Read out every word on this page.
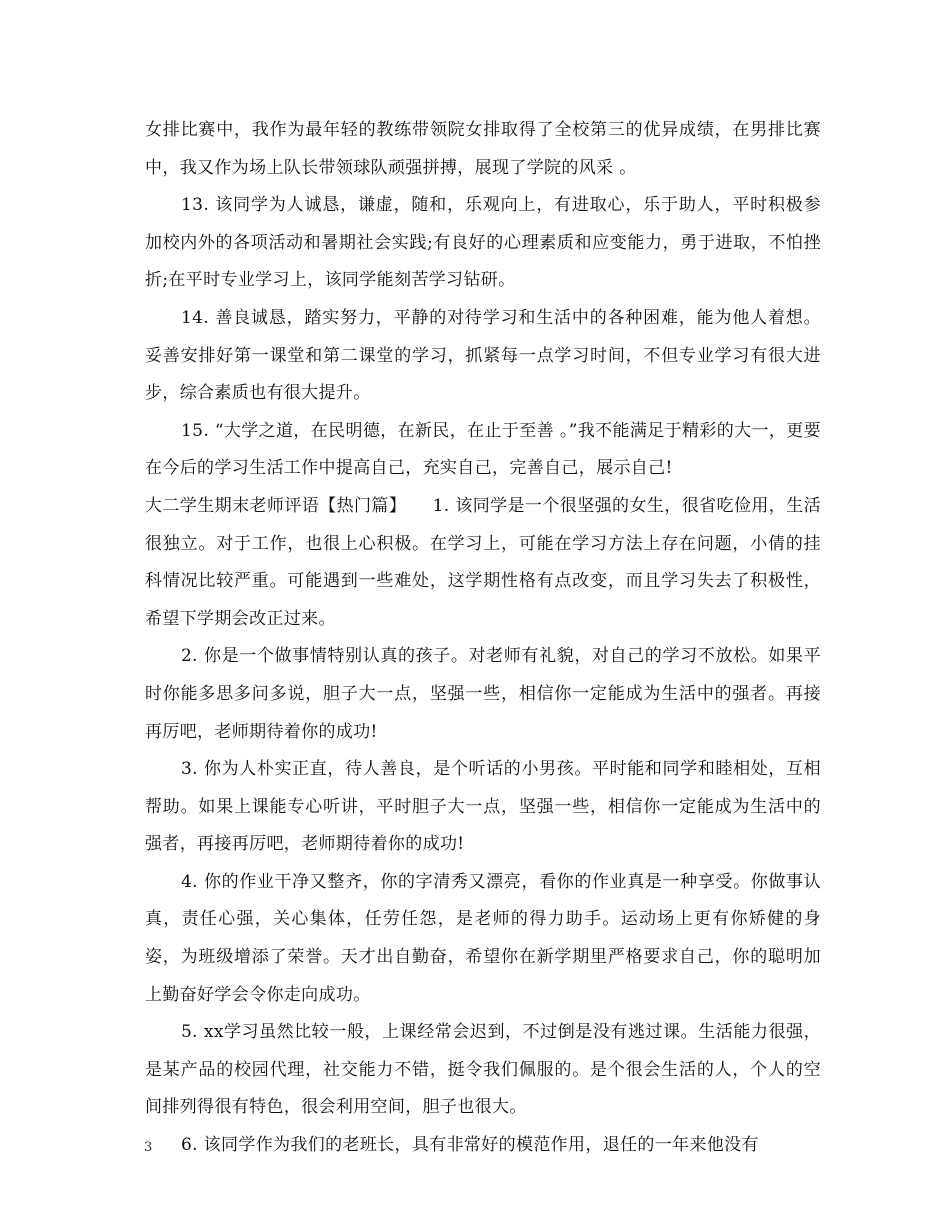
女排比赛中，我作为最年轻的教练带领院女排取得了全校第三的优异成绩，在男排比赛中，我又作为场上队长带领球队顽强拼搏，展现了学院的风采 。

13. 该同学为人诚恳，谦虚，随和，乐观向上，有进取心，乐于助人，平时积极参加校内外的各项活动和暑期社会实践;有良好的心理素质和应变能力，勇于进取，不怕挫折;在平时专业学习上，该同学能刻苦学习钻研。

14. 善良诚恳，踏实努力，平静的对待学习和生活中的各种困难，能为他人着想。妥善安排好第一课堂和第二课堂的学习，抓紧每一点学习时间，不但专业学习有很大进步，综合素质也有很大提升。

15. “大学之道，在民明德，在新民，在止于至善 。”我不能满足于精彩的大一，更要在今后的学习生活工作中提高自己，充实自己，完善自己，展示自己!

大二学生期末老师评语【热门篇】　　1. 该同学是一个很坚强的女生，很省吃俭用，生活很独立。对于工作，也很上心积极。在学习上，可能在学习方法上存在问题，小倩的挂科情况比较严重。可能遇到一些难处，这学期性格有点改变，而且学习失去了积极性，希望下学期会改正过来。

2. 你是一个做事情特别认真的孩子。对老师有礼貌，对自己的学习不放松。如果平时你能多思多问多说，胆子大一点，坚强一些，相信你一定能成为生活中的强者。再接再厉吧，老师期待着你的成功!

3. 你为人朴实正直，待人善良，是个听话的小男孩。平时能和同学和睦相处，互相帮助。如果上课能专心听讲，平时胆子大一点，坚强一些，相信你一定能成为生活中的强者，再接再厉吧，老师期待着你的成功!

4. 你的作业干净又整齐，你的字清秀又漂亮，看你的作业真是一种享受。你做事认真，责任心强，关心集体，任劳任怨，是老师的得力助手。运动场上更有你矫健的身姿，为班级增添了荣誉。天才出自勤奋，希望你在新学期里严格要求自己，你的聪明加上勤奋好学会令你走向成功。

5. xx学习虽然比较一般，上课经常会迟到，不过倒是没有逃过课。生活能力很强，是某产品的校园代理，社交能力不错，挺令我们佩服的。是个很会生活的人，个人的空间排列得很有特色，很会利用空间，胆子也很大。

6. 该同学作为我们的老班长，具有非常好的模范作用，退任的一年来他没有

3
